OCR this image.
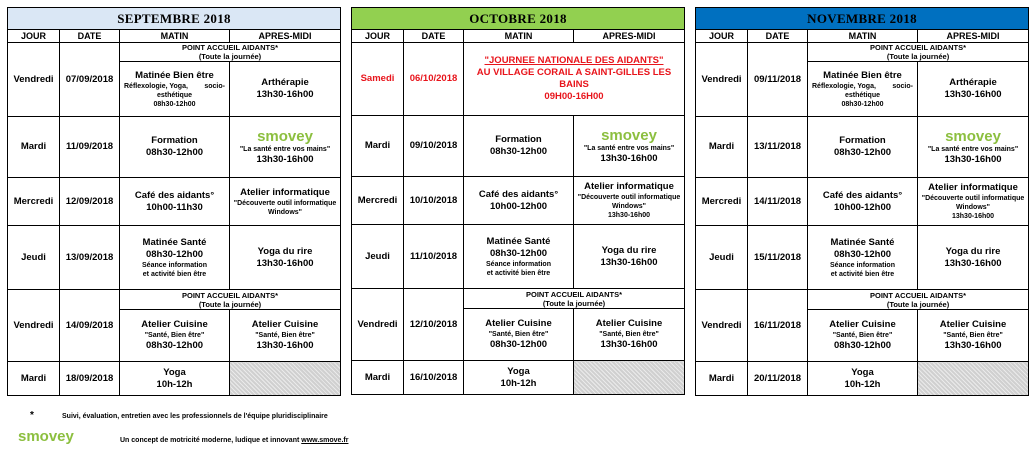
SEPTEMBRE 2018			
JOUR	DATE	MATIN	APRES-MIDI
Vendredi	07/09/2018	POINT ACCUEIL AIDANTS*
(Toute la journée)	

		Matinée Bien être
Réflexologie, Yoga, socio-
esthétique
08h30-12h00	Arthérapie
13h30-16h00

Mardi	11/09/2018	Formation
08h30-12h00	smovey
"La santé entre vos mains"
13h30-16h00

Mercredi	12/09/2018	Café des aidants°
10h00-11h30	Atelier informatique
"Découverte outil informatique
Windows"

Jeudi	13/09/2018	Matinée Santé
08h30-12h00
Séance information
et activité bien être	Yoga du rire
13h30-16h00

Vendredi	14/09/2018	POINT ACCUEIL AIDANTS*
(Toute la journée)	

		Atelier Cuisine
"Santé, Bien être"
08h30-12h00	Atelier Cuisine
"Santé, Bien être"
13h30-16h00

Mardi	18/09/2018	Yoga
10h-12h	

OCTOBRE 2018			
JOUR	DATE	MATIN	APRES-MIDI
Samedi	06/10/2018	"JOURNEE NATIONALE DES AIDANTS"
AU VILLAGE CORAIL A SAINT-GILLES LES BAINS
09H00-16H00	

Mardi	09/10/2018	Formation
08h30-12h00	smovey
"La santé entre vos mains"
13h30-16h00

Mercredi	10/10/2018	Café des aidants°
10h00-12h00	Atelier informatique
"Découverte outil informatique
Windows"
13h30-16h00

Jeudi	11/10/2018	Matinée Santé
08h30-12h00
Séance information
et activité bien être	Yoga du rire
13h30-16h00

Vendredi	12/10/2018	POINT ACCUEIL AIDANTS*
(Toute la journée)	

		Atelier Cuisine
"Santé, Bien être"
08h30-12h00	Atelier Cuisine
"Santé, Bien être"
13h30-16h00

Mardi	16/10/2018	Yoga
10h-12h	

NOVEMBRE 2018			
JOUR	DATE	MATIN	APRES-MIDI
Vendredi	09/11/2018	POINT ACCUEIL AIDANTS*
(Toute la journée)	

		Matinée Bien être
Réflexologie, Yoga, socio-
esthétique
08h30-12h00	Arthérapie
13h30-16h00

Mardi	13/11/2018	Formation
08h30-12h00	smovey
"La santé entre vos mains"
13h30-16h00

Mercredi	14/11/2018	Café des aidants°
10h00-12h00	Atelier informatique
"Découverte outil informatique
Windows"
13h30-16h00

Jeudi	15/11/2018	Matinée Santé
08h30-12h00
Séance information
et activité bien être	Yoga du rire
13h30-16h00

Vendredi	16/11/2018	POINT ACCUEIL AIDANTS*
(Toute la journée)	

		Atelier Cuisine
"Santé, Bien être"
08h30-12h00	Atelier Cuisine
"Santé, Bien être"
13h30-16h00

Mardi	20/11/2018	Yoga
10h-12h	

*	Suivi, évaluation, entretien avec les professionnels de l'équipe pluridisciplinaire
smovey	Un concept de motricité moderne, ludique et innovant www.smove.fr
